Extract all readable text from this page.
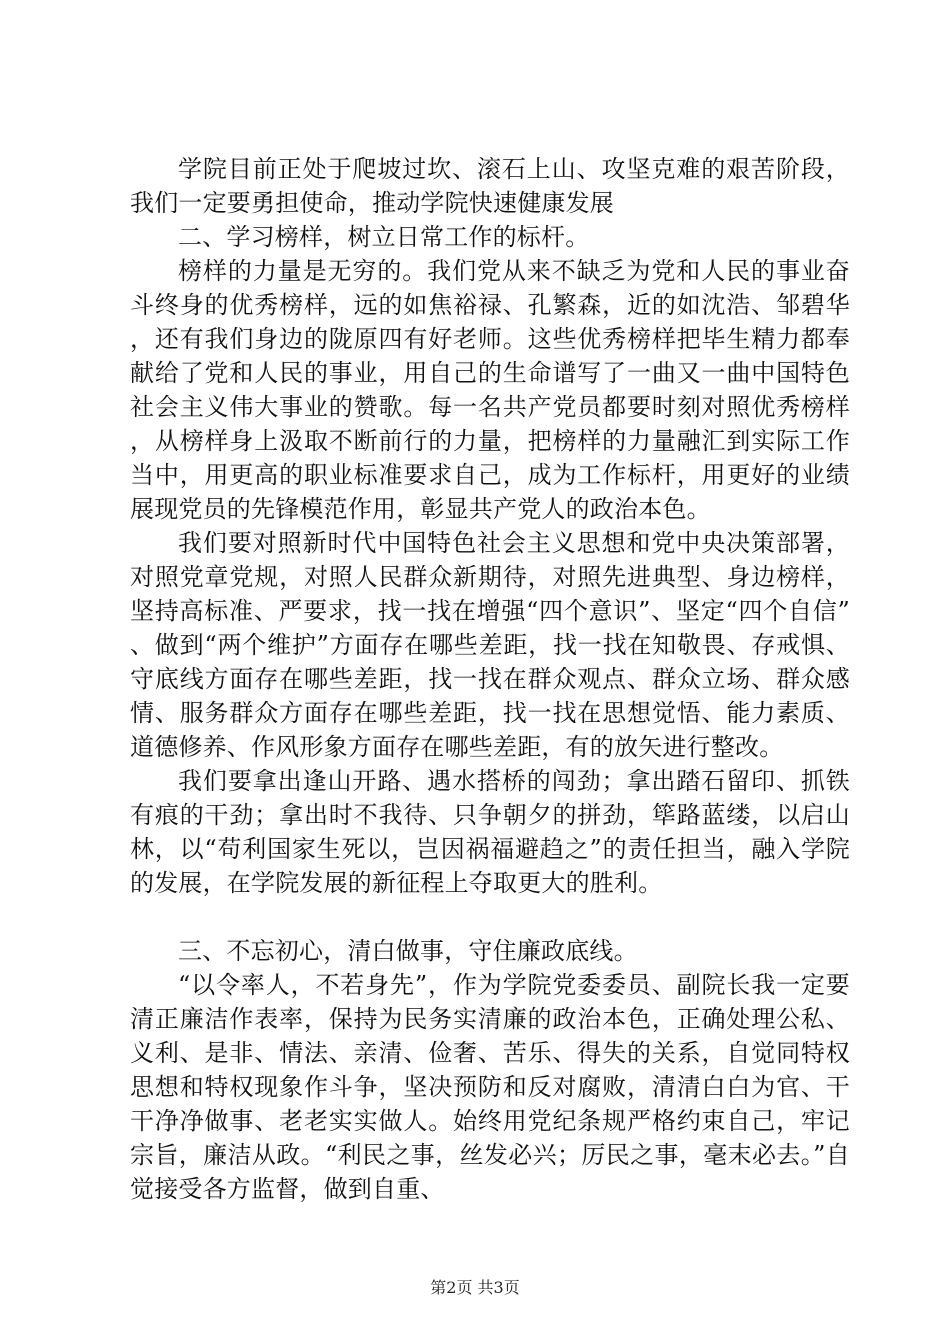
学院目前正处于爬坡过坎、滚石上山、攻坚克难的艰苦阶段，我们一定要勇担使命，推动学院快速健康发展

二、学习榜样，树立日常工作的标杆。

榜样的力量是无穷的。我们党从来不缺乏为党和人民的事业奋斗终身的优秀榜样，远的如焦裕禄、孔繁森，近的如沈浩、邹碧华，还有我们身边的陇原四有好老师。这些优秀榜样把毕生精力都奉献给了党和人民的事业，用自己的生命谱写了一曲又一曲中国特色社会主义伟大事业的赞歌。每一名共产党员都要时刻对照优秀榜样，从榜样身上汲取不断前行的力量，把榜样的力量融汇到实际工作当中，用更高的职业标准要求自己，成为工作标杆，用更好的业绩展现党员的先锋模范作用，彰显共产党人的政治本色。

我们要对照新时代中国特色社会主义思想和党中央决策部署，对照党章党规，对照人民群众新期待，对照先进典型、身边榜样，坚持高标准、严要求，找一找在增强“四个意识”、坚定“四个自信”、做到“两个维护”方面存在哪些差距，找一找在知敬畏、存戒惧、守底线方面存在哪些差距，找一找在群众观点、群众立场、群众感情、服务群众方面存在哪些差距，找一找在思想觉悟、能力素质、道德修养、作风形象方面存在哪些差距，有的放矢进行整改。

我们要拿出逢山开路、遇水搭桥的闯劲；拿出踏石留印、抓铁有痕的干劲；拿出时不我待、只争朝夕的拼劲，筚路蓝缕，以启山林，以“苟利国家生死以，岂因祸福避趋之”的责任担当，融入学院的发展，在学院发展的新征程上夺取更大的胜利。

三、不忘初心，清白做事，守住廉政底线。

“以令率人，不若身先”，作为学院党委委员、副院长我一定要清正廉洁作表率，保持为民务实清廉的政治本色，正确处理公私、义利、是非、情法、亲清、俭奢、苦乐、得失的关系，自觉同特权思想和特权现象作斗争，坚决预防和反对腐败，清清白白为官、干干净净做事、老老实实做人。始终用党纪条规严格约束自己，牢记宗旨，廉洁从政。“利民之事，丝发必兴；厉民之事，毫末必去。”自觉接受各方监督，做到自重、

第2页 共3页
